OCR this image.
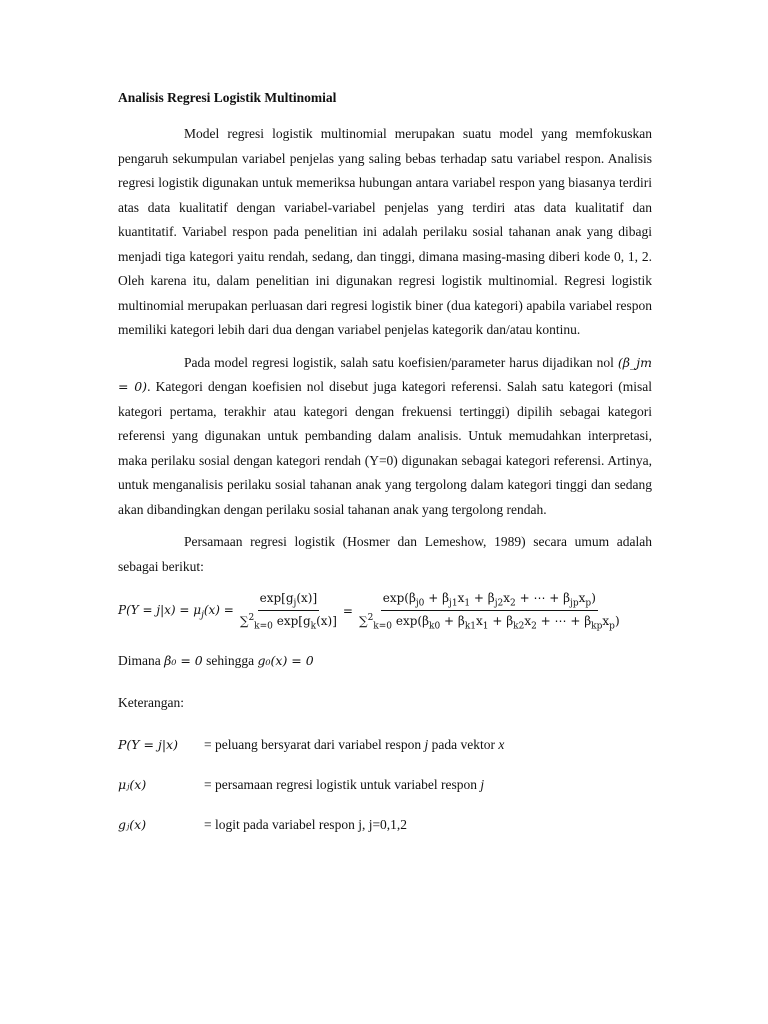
Analisis Regresi Logistik Multinomial

Model regresi logistik multinomial merupakan suatu model yang memfokuskan pengaruh sekumpulan variabel penjelas yang saling bebas terhadap satu variabel respon. Analisis regresi logistik digunakan untuk memeriksa hubungan antara variabel respon yang biasanya terdiri atas data kualitatif dengan variabel-variabel penjelas yang terdiri atas data kualitatif dan kuantitatif. Variabel respon pada penelitian ini adalah perilaku sosial tahanan anak yang dibagi menjadi tiga kategori yaitu rendah, sedang, dan tinggi, dimana masing-masing diberi kode 0, 1, 2. Oleh karena itu, dalam penelitian ini digunakan regresi logistik multinomial. Regresi logistik multinomial merupakan perluasan dari regresi logistik biner (dua kategori) apabila variabel respon memiliki kategori lebih dari dua dengan variabel penjelas kategorik dan/atau kontinu.

Pada model regresi logistik, salah satu koefisien/parameter harus dijadikan nol (β_jm = 0). Kategori dengan koefisien nol disebut juga kategori referensi. Salah satu kategori (misal kategori pertama, terakhir atau kategori dengan frekuensi tertinggi) dipilih sebagai kategori referensi yang digunakan untuk pembanding dalam analisis. Untuk memudahkan interpretasi, maka perilaku sosial dengan kategori rendah (Y=0) digunakan sebagai kategori referensi. Artinya, untuk menganalisis perilaku sosial tahanan anak yang tergolong dalam kategori tinggi dan sedang akan dibandingkan dengan perilaku sosial tahanan anak yang tergolong rendah.

Persamaan regresi logistik (Hosmer dan Lemeshow, 1989) secara umum adalah sebagai berikut:

$P(Y = j|x) = \mu_j(x) = \frac{\exp[g_j(x)]}{\sum^2_{k=0} \exp[g_k(x)]} = \frac{\exp(\beta_{j0} + \beta_{j1}x_1 + \beta_{j2}x_2 + \cdots + \beta_{jp}x_p)}{\sum^2_{k=0} \exp(\beta_{k0} + \beta_{k1}x_1 + \beta_{k2}x_2 + \cdots + \beta_{kp}x_p)}$
Dimana β₀ = 0 sehingga g₀(x) = 0
Keterangan:
P(Y = j|x)	= peluang bersyarat dari variabel respon j pada vektor x
μⱼ(x)	= persamaan regresi logistik untuk variabel respon j
gⱼ(x)	= logit pada variabel respon j, j=0,1,2
